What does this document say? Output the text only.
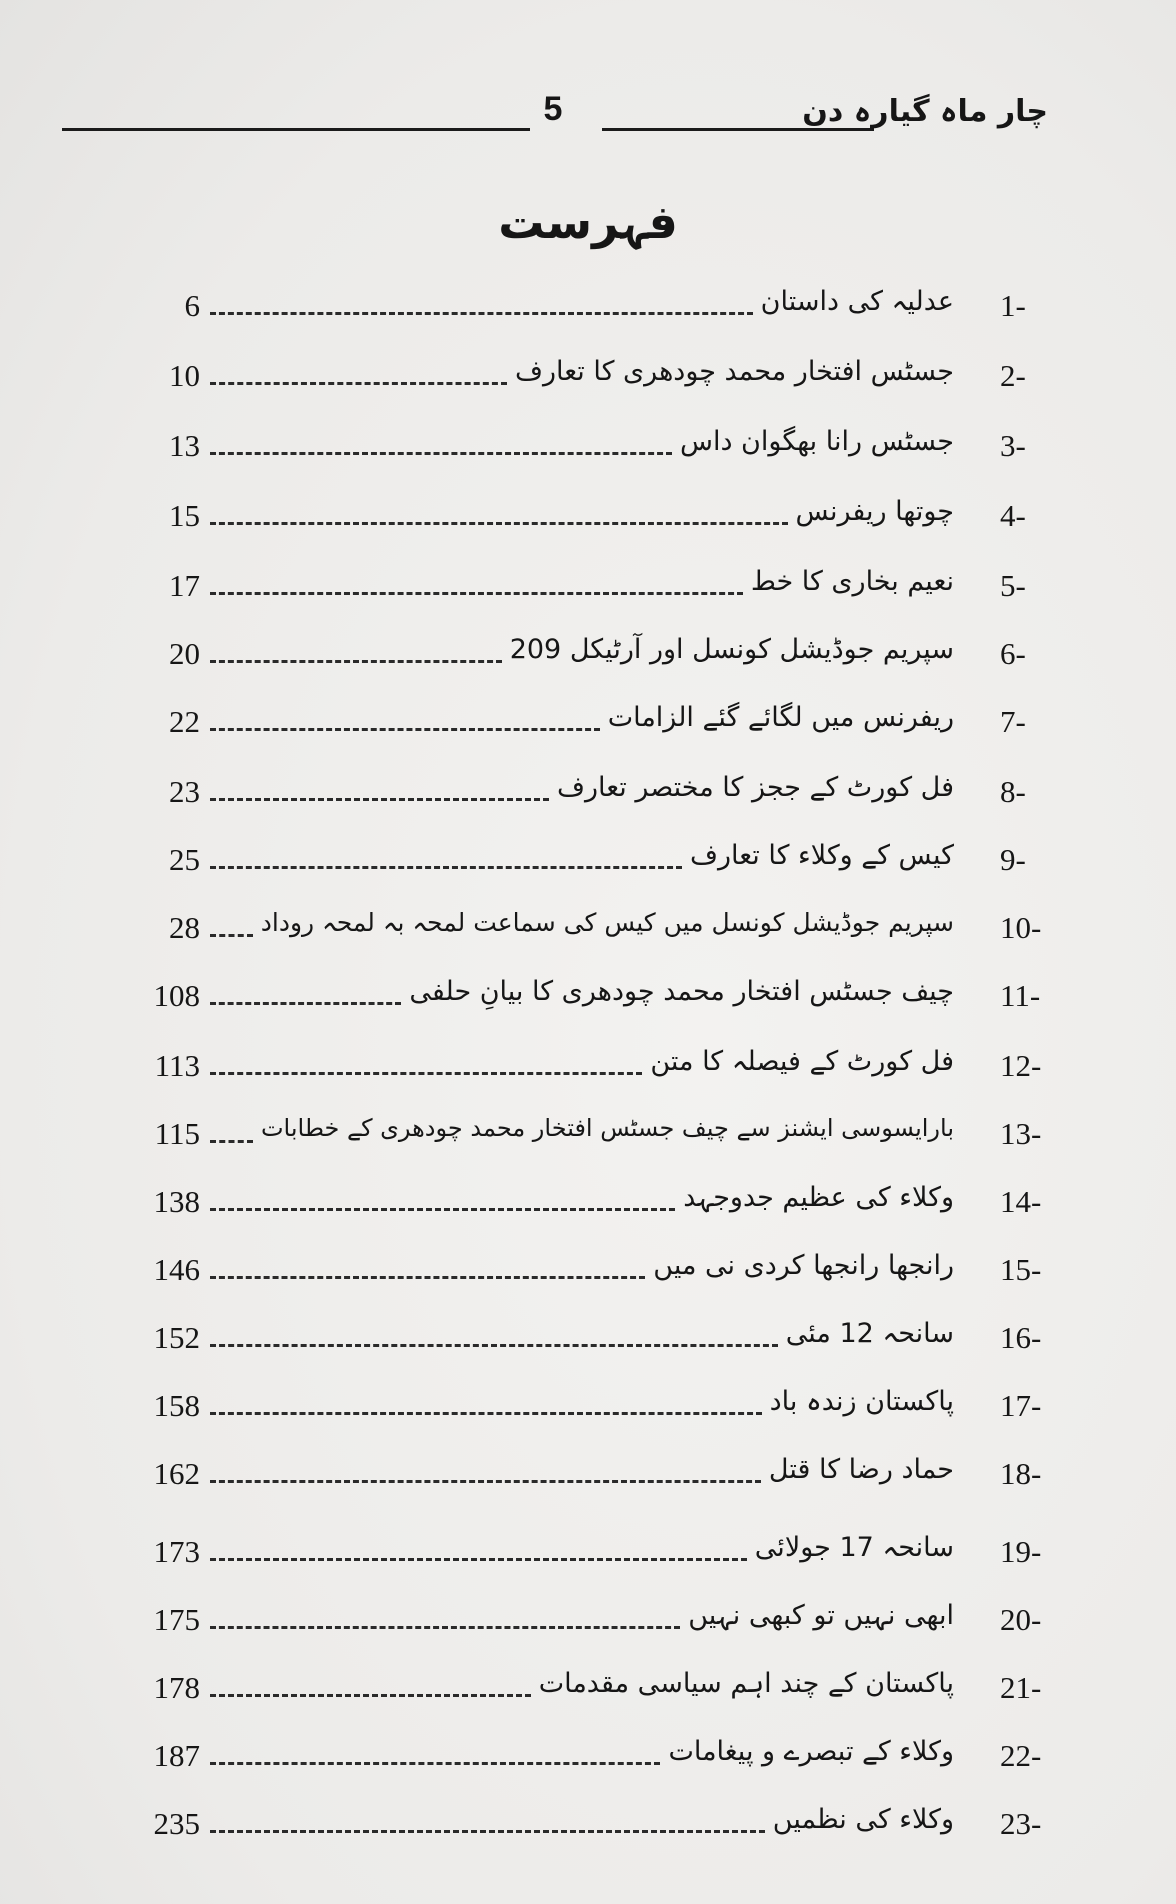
5	چار ماہ گیارہ دن
فہرست
1-
عدلیہ کی داستان
6
2-
جسٹس افتخار محمد چودھری کا تعارف
10
3-
جسٹس رانا بھگوان داس
13
4-
چوتھا ریفرنس
15
5-
نعیم بخاری کا خط
17
6-
سپریم جوڈیشل کونسل اور آرٹیکل 209
20
7-
ریفرنس میں لگائے گئے الزامات
22
8-
فل کورٹ کے ججز کا مختصر تعارف
23
9-
کیس کے وکلاء کا تعارف
25
10-
سپریم جوڈیشل کونسل میں کیس کی سماعت لمحہ بہ لمحہ روداد
28
11-
چیف جسٹس افتخار محمد چودھری کا بیانِ حلفی
108
12-
فل کورٹ کے فیصلہ کا متن
113
13-
بارایسوسی ایشنز سے چیف جسٹس افتخار محمد چودھری کے خطابات
115
14-
وکلاء کی عظیم جدوجہد
138
15-
رانجھا رانجھا کردی نی میں
146
16-
سانحہ 12 مئی
152
17-
پاکستان زندہ باد
158
18-
حماد رضا کا قتل
162
19-
سانحہ 17 جولائی
173
20-
ابھی نہیں تو کبھی نہیں
175
21-
پاکستان کے چند اہم سیاسی مقدمات
178
22-
وکلاء کے تبصرے و پیغامات
187
23-
وکلاء کی نظمیں
235
